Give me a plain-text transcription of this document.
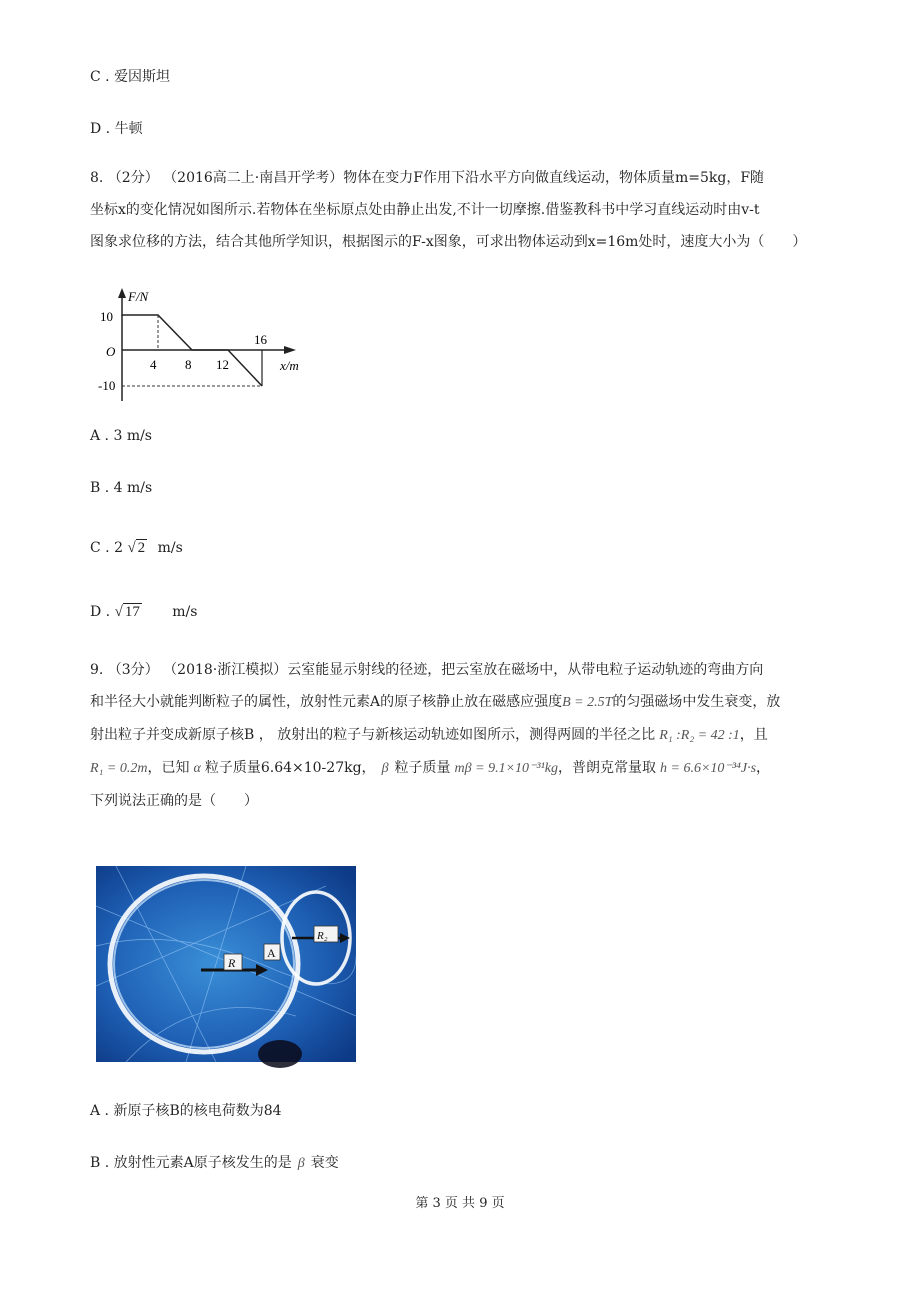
C . 爱因斯坦
D . 牛顿
8. （2分） （2016高二上·南昌开学考）物体在变力F作用下沿水平方向做直线运动，物体质量m=5kg，F随
坐标x的变化情况如图所示.若物体在坐标原点处由静止出发,不计一切摩擦.借鉴教科书中学习直线运动时由v-t
图象求位移的方法，结合其他所学知识，根据图示的F-x图象，可求出物体运动到x=16m处时，速度大小为（　　）
F/N
10
O
-10
4 8 12
16
x/m
A . 3 m/s
B . 4 m/s
C . 2 √ 2 m/s
D . √ 17 m/s
9. （3分） （2018·浙江模拟）云室能显示射线的径迹，把云室放在磁场中，从带电粒子运动轨迹的弯曲方向
和半径大小就能判断粒子的属性，放射性元素A的原子核静止放在磁感应强度B = 2.5T的匀强磁场中发生衰变，放
射出粒子并变成新原子核B ， 放射出的粒子与新核运动轨迹如图所示，测得两圆的半径之比 R₁ :R₂ = 42 :1，且
R₁ = 0.2m，已知 α 粒子质量6.64×10-27kg， β 粒子质量 mβ = 9.1×10⁻³¹kg，普朗克常量取 h = 6.6×10⁻³⁴J·s，
下列说法正确的是（　　）
R
A
R₂
A . 新原子核B的核电荷数为84
B . 放射性元素A原子核发生的是 β 衰变
第 3 页 共 9 页
